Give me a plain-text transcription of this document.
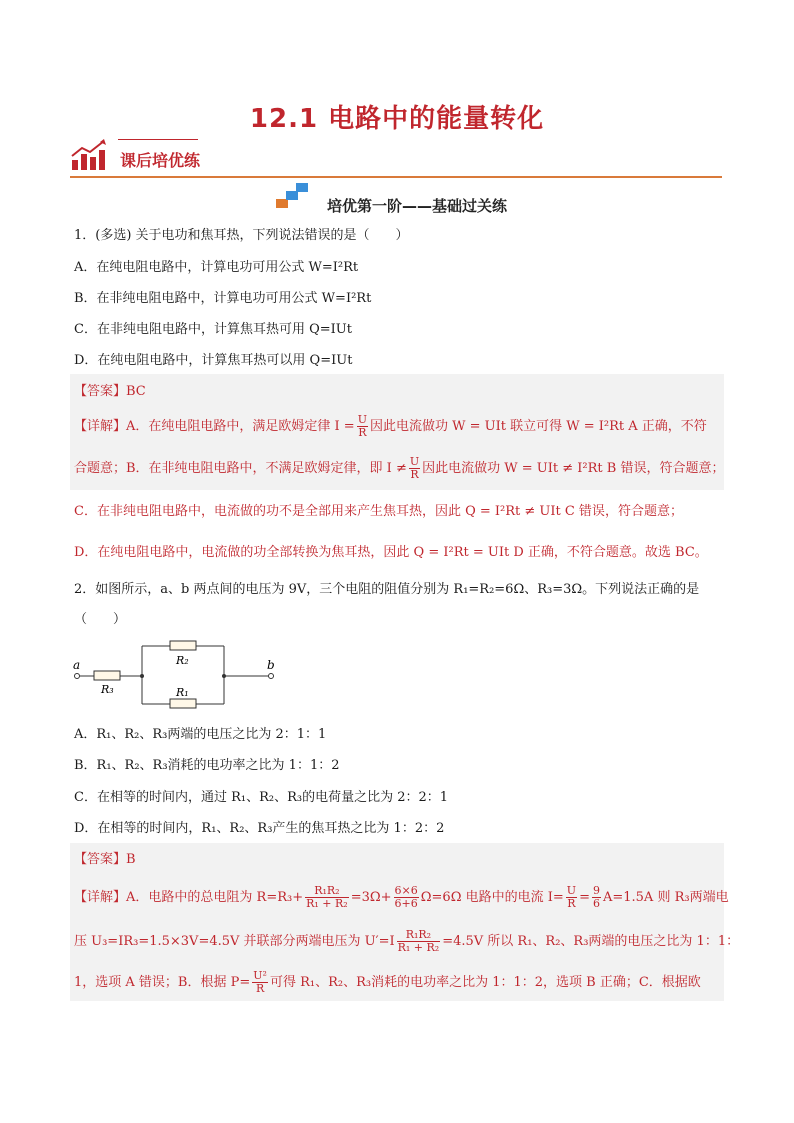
12.1 电路中的能量转化
课后培优练
培优第一阶——基础过关练
1．(多选) 关于电功和焦耳热，下列说法错误的是（　　）
A．在纯电阻电路中，计算电功可用公式 W=I²Rt
B．在非纯电阻电路中，计算电功可用公式 W=I²Rt
C．在非纯电阻电路中，计算焦耳热可用 Q=IUt
D．在纯电阻电路中，计算焦耳热可以用 Q=IUt
【答案】BC
【详解】A．在纯电阻电路中，满足欧姆定律 $I = \frac{U}{R}$ 因此电流做功 W = UIt 联立可得 W = I²Rt A 正确，不符
合题意；B．在非纯电阻电路中，不满足欧姆定律，即 $I \ne \frac{U}{R}$ 因此电流做功 W = UIt ≠ I²Rt B 错误，符合题意；
C．在非纯电阻电路中，电流做的功不是全部用来产生焦耳热，因此 Q = I²Rt ≠ UIt C 错误，符合题意；
D．在纯电阻电路中，电流做的功全部转换为焦耳热，因此 Q = I²Rt = UIt D 正确，不符合题意。故选 BC。
2．如图所示，a、b 两点间的电压为 9V，三个电阻的阻值分别为 R₁=R₂=6Ω、R₃=3Ω。下列说法正确的是
（　　）
a	b
R₃
R₂
R₁
A．R₁、R₂、R₃两端的电压之比为 2：1：1
B．R₁、R₂、R₃消耗的电功率之比为 1：1：2
C．在相等的时间内，通过 R₁、R₂、R₃的电荷量之比为 2：2：1
D．在相等的时间内，R₁、R₂、R₃产生的焦耳热之比为 1：2：2
【答案】B
【详解】A．电路中的总电阻为 $R=R_3+ \frac{\text{R₁R₂}}{\text{R₁ + R₂}} =3\Omega+ \frac{6\times 6}{6+6} \Omega=6\Omega$ 电路中的电流 $I= \frac{U}{R} = \frac{9}{6} A=1.5A$ 则 R₃两端电
压 U₃=IR₃=1.5×3V=4.5V 并联部分两端电压为 $U'=I \frac{\text{R₁R₂}}{\text{R₁ + R₂}} =4.5V$ 所以 R₁、R₂、R₃两端的电压之比为 1：1：
1，选项 A 错误；B．根据 $P= \frac{\text{U²}}{R}$ 可得 R₁、R₂、R₃消耗的电功率之比为 1：1：2，选项 B 正确；C．根据欧
